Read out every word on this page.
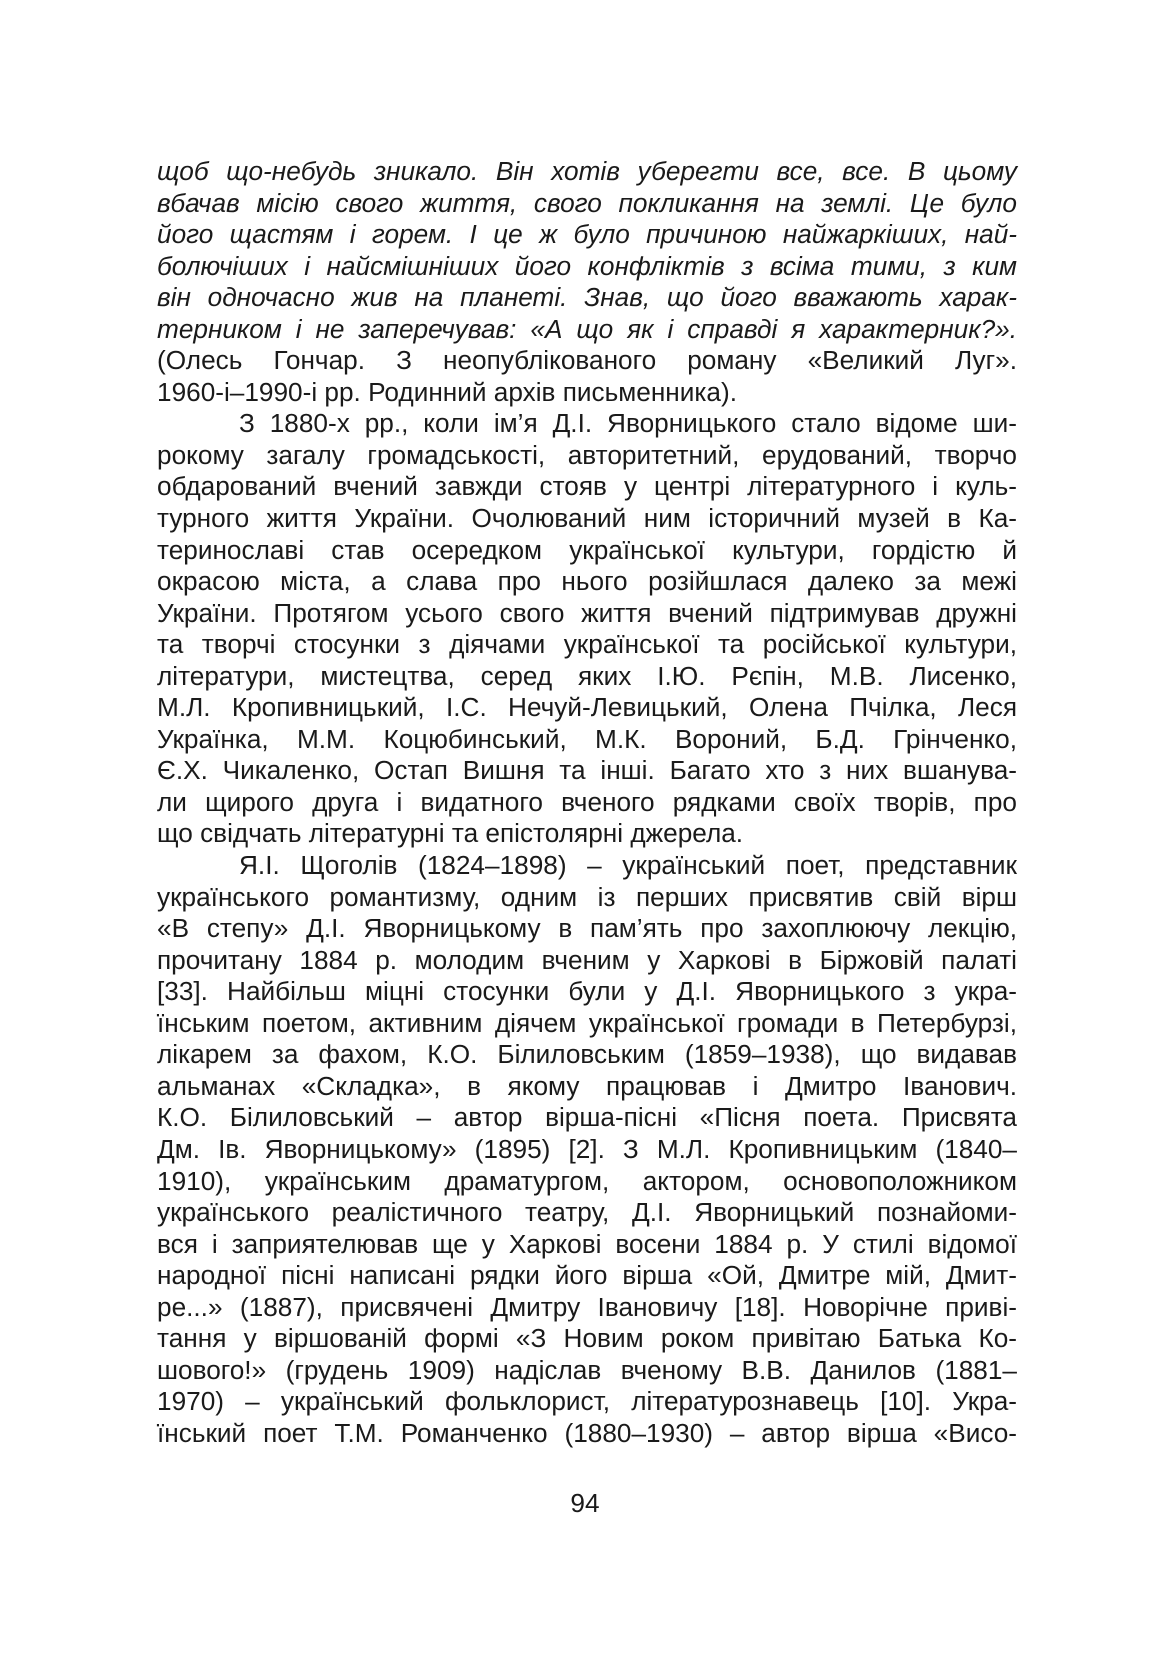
щоб що-небудь зникало. Він хотів уберегти все, все. В цьому
вбачав місію свого життя, свого покликання на землі. Це було
його щастям і горем. І це ж було причиною найжаркіших, най-
болючіших і найсмішніших його конфліктів з всіма тими, з ким
він одночасно жив на планеті. Знав, що його вважають харак-
терником і не заперечував: «А що як і справді я характерник?».
(Олесь Гончар. З неопублікованого роману «Великий Луг».
1960-і–1990-і рр. Родинний архів письменника).
З 1880-х рр., коли ім’я Д.І. Яворницького стало відоме ши-
рокому загалу громадськості, авторитетний, ерудований, творчо
обдарований вчений завжди стояв у центрі літературного і куль-
турного життя України. Очолюваний ним історичний музей в Ка-
теринославі став осередком української культури, гордістю й
окрасою міста, а слава про нього розійшлася далеко за межі
України. Протягом усього свого життя вчений підтримував дружні
та творчі стосунки з діячами української та російської культури,
літератури, мистецтва, серед яких І.Ю. Рєпін, М.В. Лисенко,
М.Л. Кропивницький, І.С. Нечуй-Левицький, Олена Пчілка, Леся
Українка, М.М. Коцюбинський, М.К. Вороний, Б.Д. Грінченко,
Є.Х. Чикаленко, Остап Вишня та інші. Багато хто з них вшанува-
ли щирого друга і видатного вченого рядками своїх творів, про
що свідчать літературні та епістолярні джерела.
Я.І. Щоголів (1824–1898) – український поет, представник
українського романтизму, одним із перших присвятив свій вірш
«В степу» Д.І. Яворницькому в пам’ять про захоплюючу лекцію,
прочитану 1884 р. молодим вченим у Харкові в Біржовій палаті
[33]. Найбільш міцні стосунки були у Д.І. Яворницького з укра-
їнським поетом, активним діячем української громади в Петербурзі,
лікарем за фахом, К.О. Білиловським (1859–1938), що видавав
альманах «Складка», в якому працював і Дмитро Іванович.
К.О. Білиловський – автор вірша-пісні «Пісня поета. Присвята
Дм. Ів. Яворницькому» (1895) [2]. З М.Л. Кропивницьким (1840–
1910), українським драматургом, актором, основоположником
українського реалістичного театру, Д.І. Яворницький познайоми-
вся і заприятелював ще у Харкові восени 1884 р. У стилі відомої
народної пісні написані рядки його вірша «Ой, Дмитре мій, Дмит-
ре...» (1887), присвячені Дмитру Івановичу [18]. Новорічне приві-
тання у віршованій формі «З Новим роком привітаю Батька Ко-
шового!» (грудень 1909) надіслав вченому В.В. Данилов (1881–
1970) – український фольклорист, літературознавець [10]. Укра-
їнський поет Т.М. Романченко (1880–1930) – автор вірша «Висо-
94
